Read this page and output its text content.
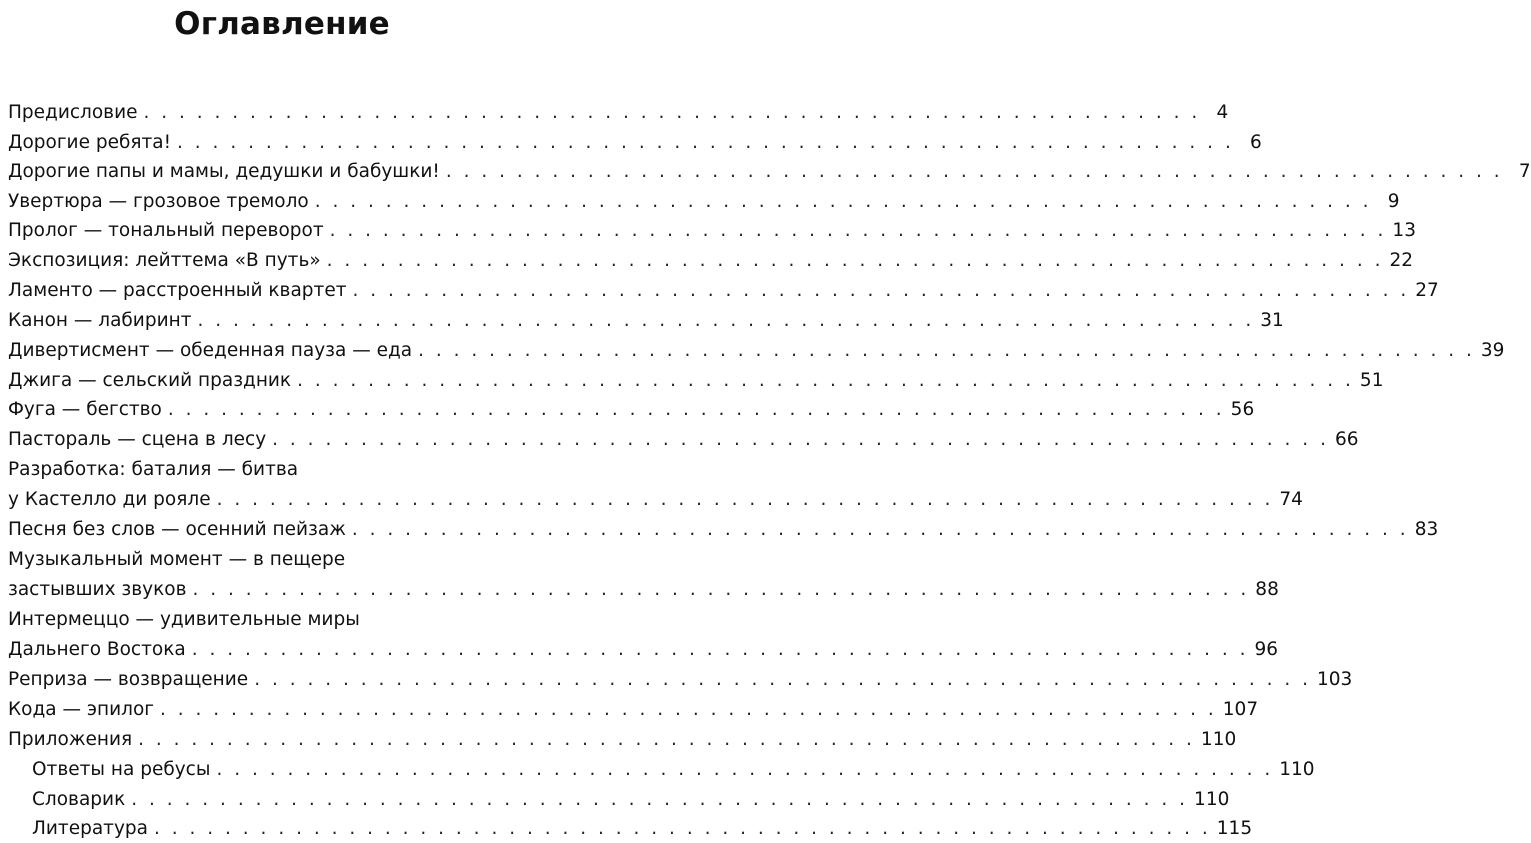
Оглавление
Предисловие . . . . . . . . . . . . . . . . . . . . . . . . . . . . . . . . . . . . . . . . . . . . . . . . . . . . . . . . . . . . 4
Дорогие ребята! . . . . . . . . . . . . . . . . . . . . . . . . . . . . . . . . . . . . . . . . . . . . . . . . . . . . . . . . . . . . 6
Дорогие папы и мамы, дедушки и бабушки! . . . . . . . . . . . . . . . . . . . . . . . . . . . . . . . . . . . . . . . . . . . . . . . . . . . . . . . . . . . . 7
Увертюра — грозовое тремоло . . . . . . . . . . . . . . . . . . . . . . . . . . . . . . . . . . . . . . . . . . . . . . . . . . . . . . . . . . . . 9
Пролог — тональный переворот . . . . . . . . . . . . . . . . . . . . . . . . . . . . . . . . . . . . . . . . . . . . . . . . . . . . . . . . . . . . 13
Экспозиция: лейттема «В путь» . . . . . . . . . . . . . . . . . . . . . . . . . . . . . . . . . . . . . . . . . . . . . . . . . . . . . . . . . . . . 22
Ламенто — расстроенный квартет . . . . . . . . . . . . . . . . . . . . . . . . . . . . . . . . . . . . . . . . . . . . . . . . . . . . . . . . . . . . 27
Канон — лабиринт . . . . . . . . . . . . . . . . . . . . . . . . . . . . . . . . . . . . . . . . . . . . . . . . . . . . . . . . . . . . 31
Дивертисмент — обеденная пауза — еда . . . . . . . . . . . . . . . . . . . . . . . . . . . . . . . . . . . . . . . . . . . . . . . . . . . . . . . . . . . . 39
Джига — сельский праздник . . . . . . . . . . . . . . . . . . . . . . . . . . . . . . . . . . . . . . . . . . . . . . . . . . . . . . . . . . . . 51
Фуга — бегство . . . . . . . . . . . . . . . . . . . . . . . . . . . . . . . . . . . . . . . . . . . . . . . . . . . . . . . . . . . . 56
Пасторaль — сцена в лесу . . . . . . . . . . . . . . . . . . . . . . . . . . . . . . . . . . . . . . . . . . . . . . . . . . . . . . . . . . . . 66
Разработка: баталия — битва
у Кастелло ди рояле . . . . . . . . . . . . . . . . . . . . . . . . . . . . . . . . . . . . . . . . . . . . . . . . . . . . . . . . . . . . 74
Песня без слов — осенний пейзаж . . . . . . . . . . . . . . . . . . . . . . . . . . . . . . . . . . . . . . . . . . . . . . . . . . . . . . . . . . . . 83
Музыкальный момент — в пещере
застывших звуков . . . . . . . . . . . . . . . . . . . . . . . . . . . . . . . . . . . . . . . . . . . . . . . . . . . . . . . . . . . . 88
Интермеццо — удивительные миры
Дальнего Востока . . . . . . . . . . . . . . . . . . . . . . . . . . . . . . . . . . . . . . . . . . . . . . . . . . . . . . . . . . . . 96
Реприза — возвращение . . . . . . . . . . . . . . . . . . . . . . . . . . . . . . . . . . . . . . . . . . . . . . . . . . . . . . . . . . . . 103
Кода — эпилог . . . . . . . . . . . . . . . . . . . . . . . . . . . . . . . . . . . . . . . . . . . . . . . . . . . . . . . . . . . . 107
Приложения . . . . . . . . . . . . . . . . . . . . . . . . . . . . . . . . . . . . . . . . . . . . . . . . . . . . . . . . . . . . 110
Ответы на ребусы . . . . . . . . . . . . . . . . . . . . . . . . . . . . . . . . . . . . . . . . . . . . . . . . . . . . . . . . . . . . 110
Словарик . . . . . . . . . . . . . . . . . . . . . . . . . . . . . . . . . . . . . . . . . . . . . . . . . . . . . . . . . . . . 110
Литература . . . . . . . . . . . . . . . . . . . . . . . . . . . . . . . . . . . . . . . . . . . . . . . . . . . . . . . . . . . . 115
